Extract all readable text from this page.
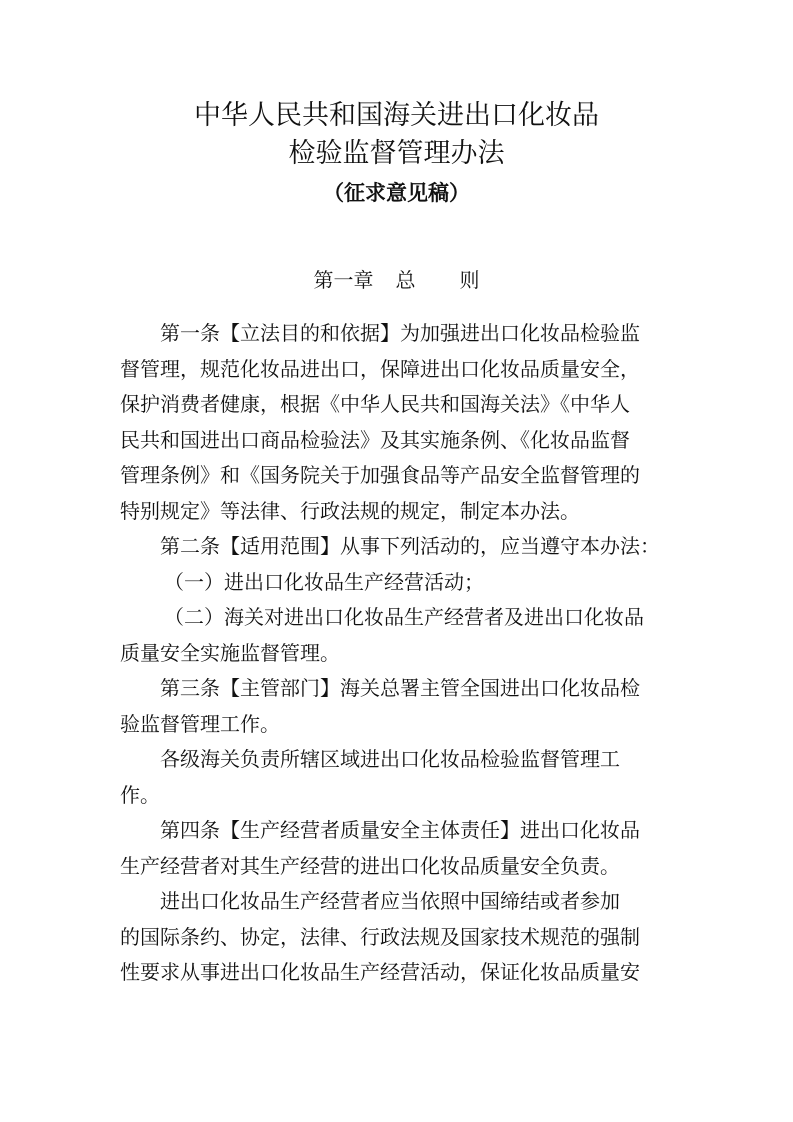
中华人民共和国海关进出口化妆品
检验监督管理办法
（征求意见稿）
第一章 总 则
第一条【立法目的和依据】为加强进出口化妆品检验监
督管理，规范化妆品进出口，保障进出口化妆品质量安全，
保护消费者健康，根据《中华人民共和国海关法》《中华人
民共和国进出口商品检验法》及其实施条例、《化妆品监督
管理条例》和《国务院关于加强食品等产品安全监督管理的
特别规定》等法律、行政法规的规定，制定本办法。
第二条【适用范围】从事下列活动的，应当遵守本办法：
（一）进出口化妆品生产经营活动；
（二）海关对进出口化妆品生产经营者及进出口化妆品
质量安全实施监督管理。
第三条【主管部门】海关总署主管全国进出口化妆品检
验监督管理工作。
各级海关负责所辖区域进出口化妆品检验监督管理工
作。
第四条【生产经营者质量安全主体责任】进出口化妆品
生产经营者对其生产经营的进出口化妆品质量安全负责。
进出口化妆品生产经营者应当依照中国缔结或者参加
的国际条约、协定，法律、行政法规及国家技术规范的强制
性要求从事进出口化妆品生产经营活动，保证化妆品质量安
